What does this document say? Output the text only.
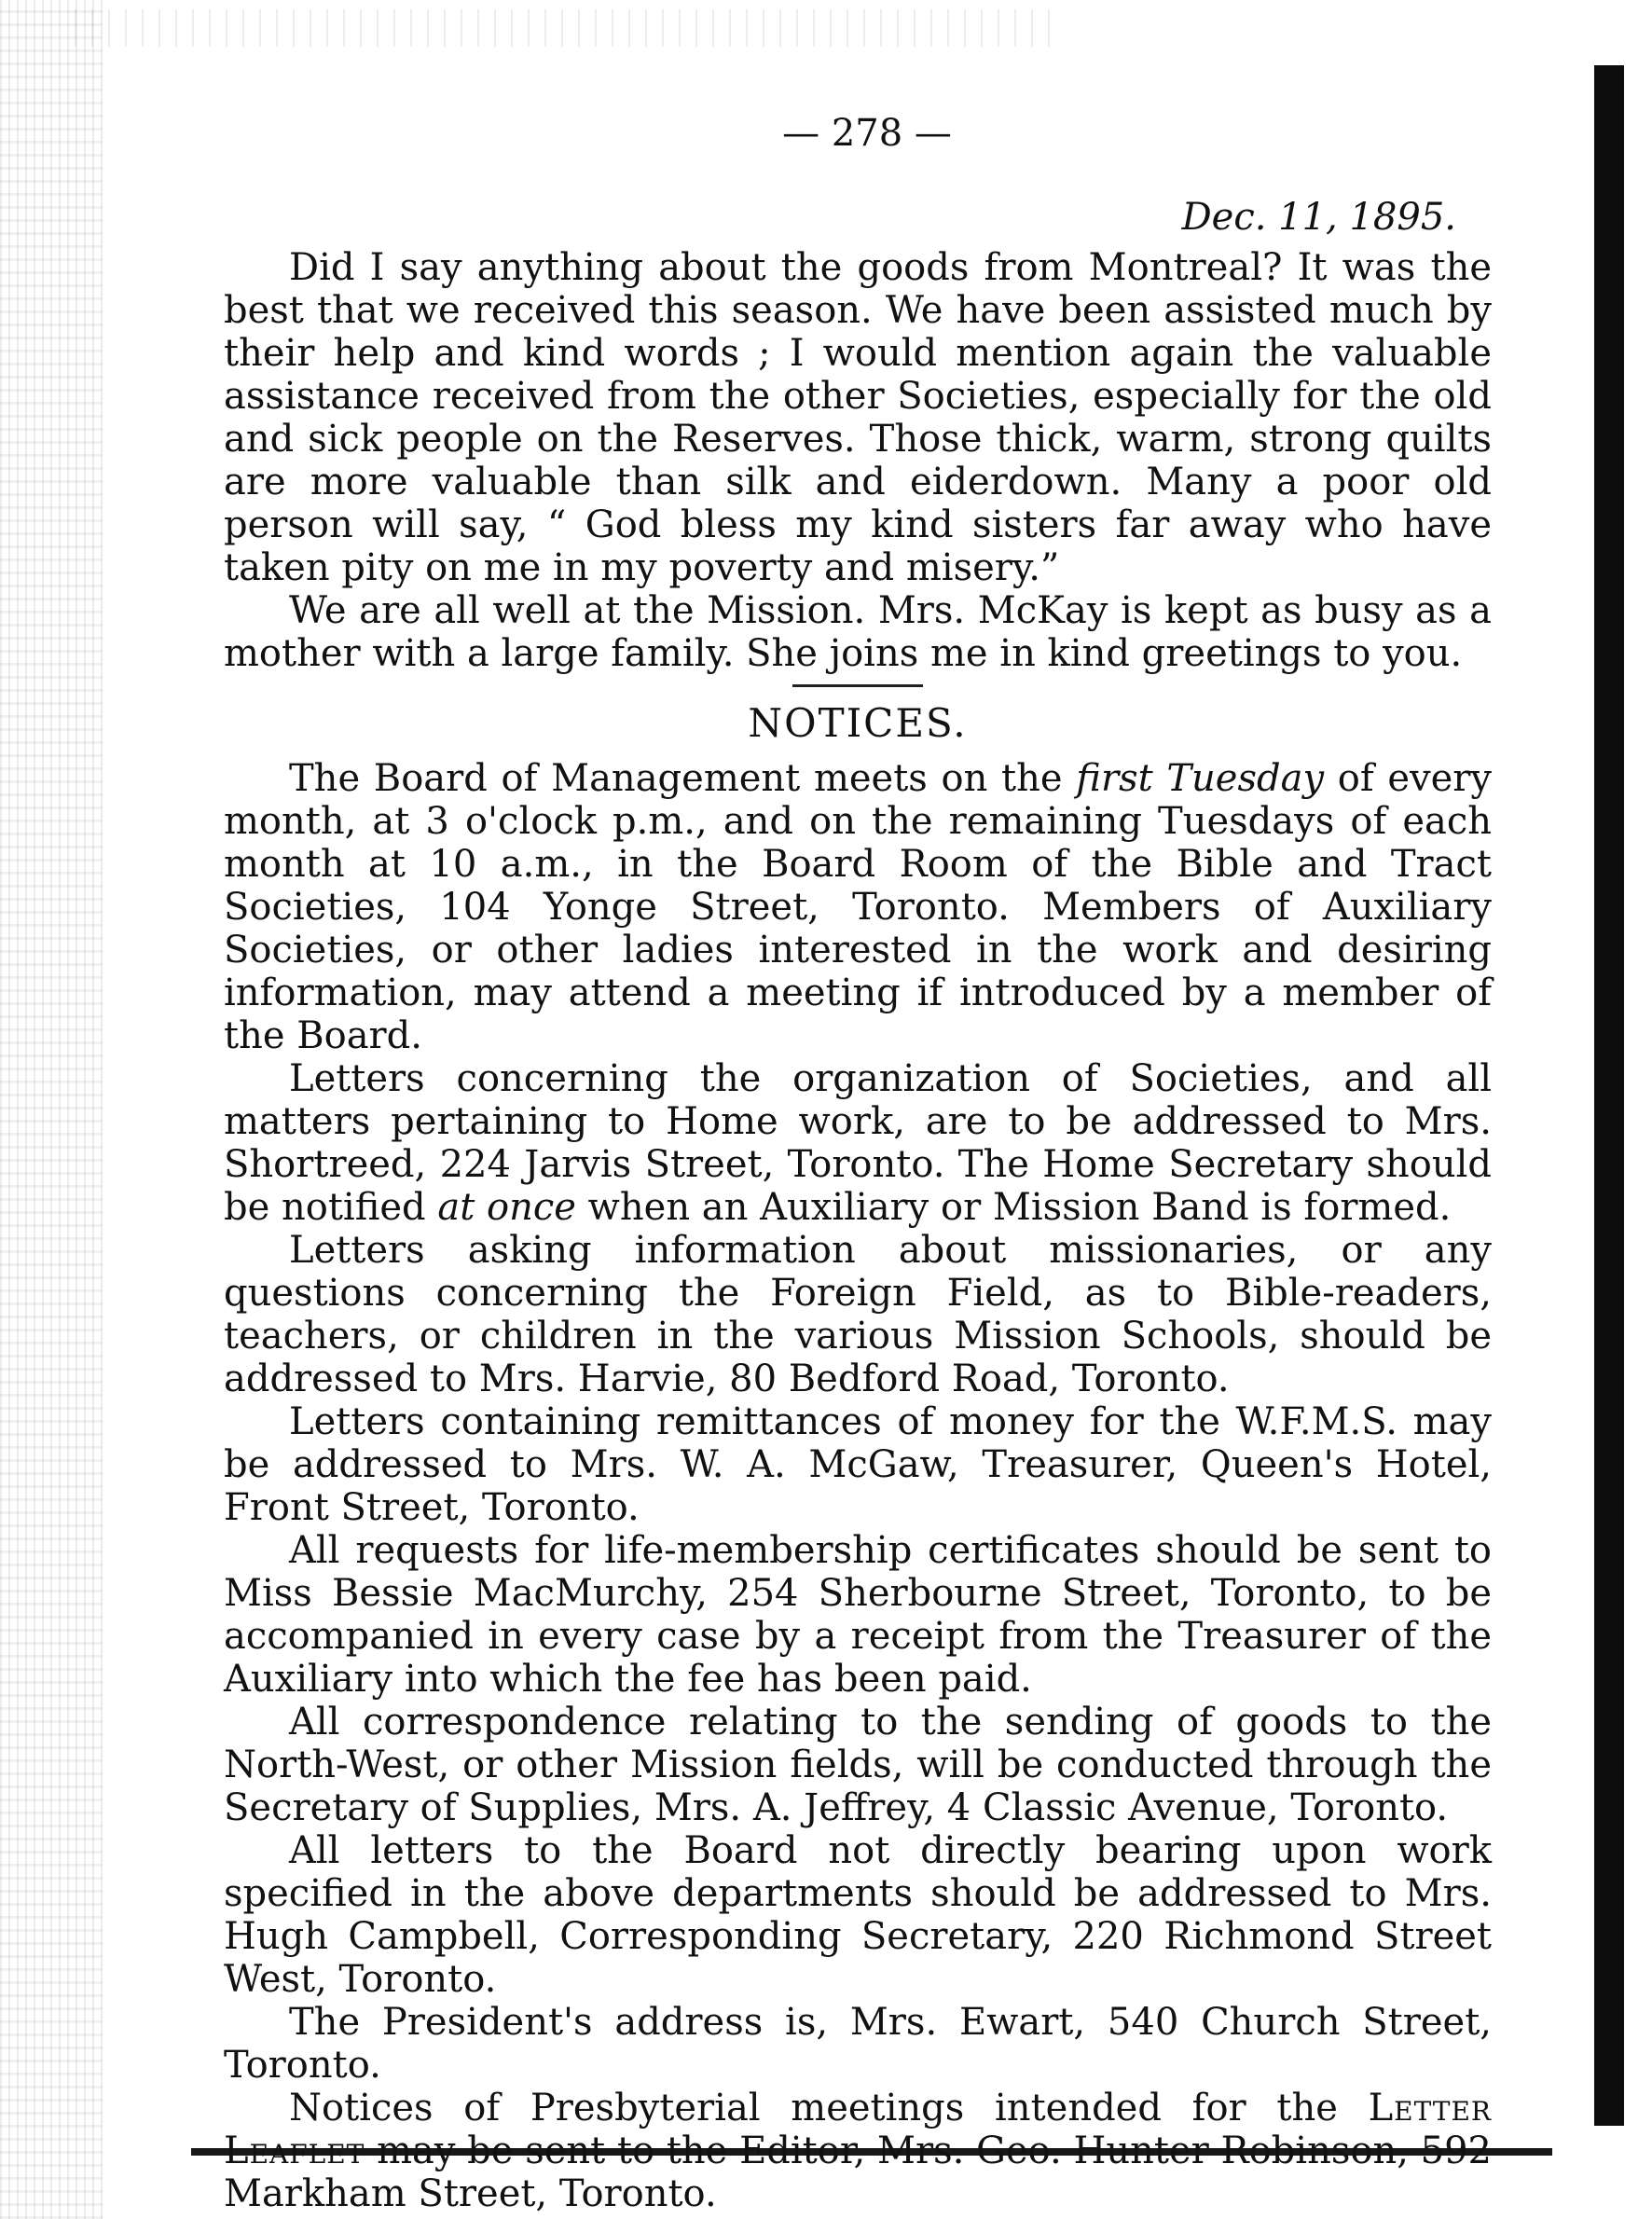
— 278 —
Dec. 11, 1895.

Did I say anything about the goods from Montreal? It was the best that we received this season. We have been assisted much by their help and kind words ; I would mention again the valuable assistance received from the other Societies, especially for the old and sick people on the Reserves. Those thick, warm, strong quilts are more valuable than silk and eiderdown. Many a poor old person will say, “ God bless my kind sisters far away who have taken pity on me in my poverty and misery.”

We are all well at the Mission. Mrs. McKay is kept as busy as a mother with a large family. She joins me in kind greetings to you.

NOTICES.

The Board of Management meets on the first Tuesday of every month, at 3 o'clock p.m., and on the remaining Tuesdays of each month at 10 a.m., in the Board Room of the Bible and Tract Societies, 104 Yonge Street, Toronto. Members of Auxiliary Societies, or other ladies interested in the work and desiring information, may attend a meeting if introduced by a member of the Board.

Letters concerning the organization of Societies, and all matters pertaining to Home work, are to be addressed to Mrs. Shortreed, 224 Jarvis Street, Toronto. The Home Secretary should be notified at once when an Auxiliary or Mission Band is formed.

Letters asking information about missionaries, or any questions concerning the Foreign Field, as to Bible-readers, teachers, or children in the various Mission Schools, should be addressed to Mrs. Harvie, 80 Bedford Road, Toronto.

Letters containing remittances of money for the W.F.M.S. may be addressed to Mrs. W. A. McGaw, Treasurer, Queen's Hotel, Front Street, Toronto.

All requests for life-membership certificates should be sent to Miss Bessie MacMurchy, 254 Sherbourne Street, Toronto, to be accompanied in every case by a receipt from the Treasurer of the Auxiliary into which the fee has been paid.

All correspondence relating to the sending of goods to the North-West, or other Mission fields, will be conducted through the Secretary of Supplies, Mrs. A. Jeffrey, 4 Classic Avenue, Toronto.

All letters to the Board not directly bearing upon work specified in the above departments should be addressed to Mrs. Hugh Campbell, Corresponding Secretary, 220 Richmond Street West, Toronto.

The President's address is, Mrs. Ewart, 540 Church Street, Toronto.

Notices of Presbyterial meetings intended for the Letter Leaflet may be sent to the Editor, Mrs. Geo. Hunter Robinson, 592 Markham Street, Toronto.
